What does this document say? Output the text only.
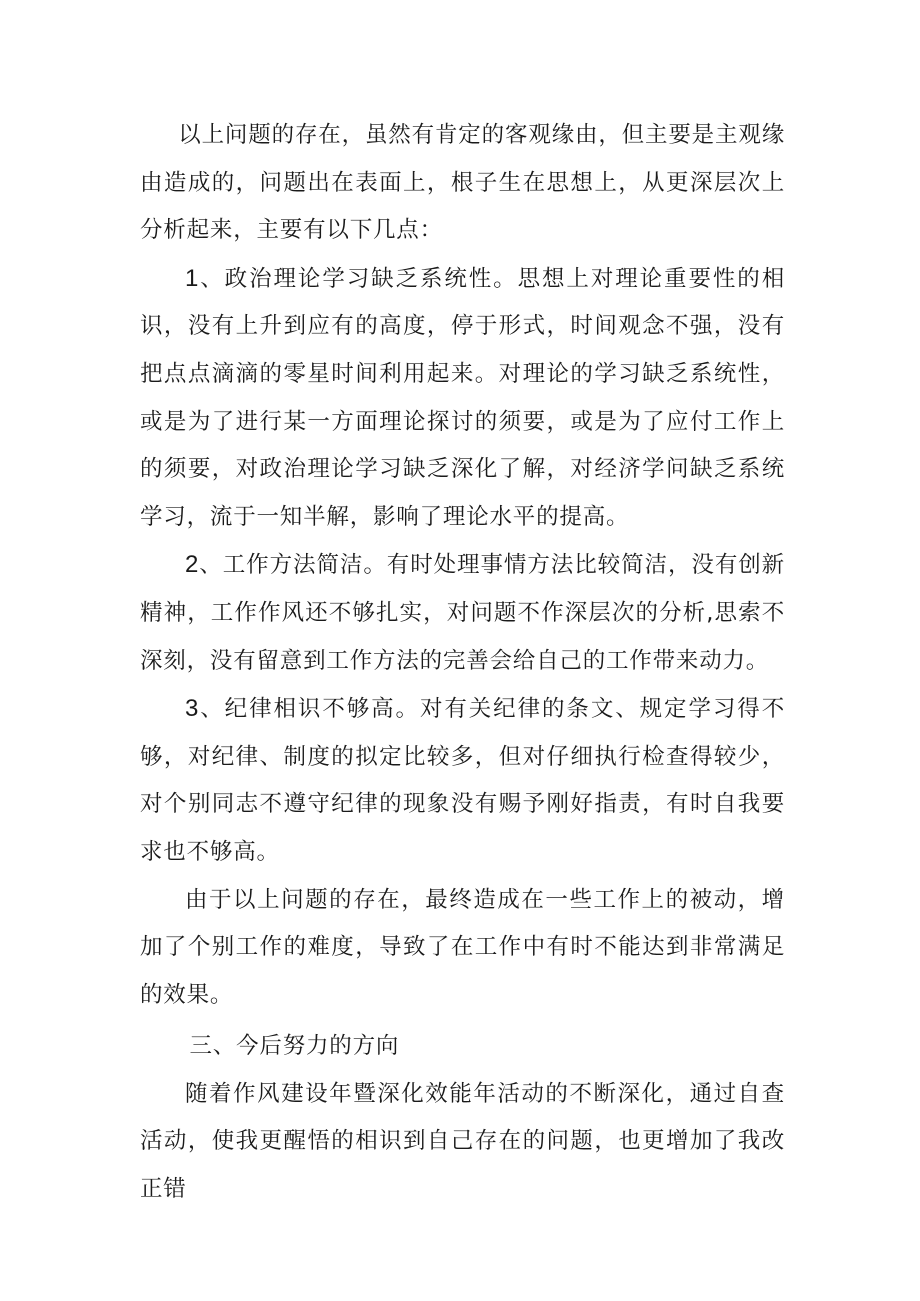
以上问题的存在，虽然有肯定的客观缘由，但主要是主观缘由造成的，问题出在表面上，根子生在思想上，从更深层次上分析起来，主要有以下几点：

1、政治理论学习缺乏系统性。思想上对理论重要性的相识，没有上升到应有的高度，停于形式，时间观念不强，没有把点点滴滴的零星时间利用起来。对理论的学习缺乏系统性，或是为了进行某一方面理论探讨的须要，或是为了应付工作上的须要，对政治理论学习缺乏深化了解，对经济学问缺乏系统学习，流于一知半解，影响了理论水平的提高。

2、工作方法简洁。有时处理事情方法比较简洁，没有创新精神，工作作风还不够扎实，对问题不作深层次的分析,思索不深刻，没有留意到工作方法的完善会给自己的工作带来动力。

3、纪律相识不够高。对有关纪律的条文、规定学习得不够，对纪律、制度的拟定比较多，但对仔细执行检查得较少，对个别同志不遵守纪律的现象没有赐予刚好指责，有时自我要求也不够高。

由于以上问题的存在，最终造成在一些工作上的被动，增加了个别工作的难度，导致了在工作中有时不能达到非常满足的效果。

三、今后努力的方向

随着作风建设年暨深化效能年活动的不断深化，通过自查活动，使我更醒悟的相识到自己存在的问题，也更增加了我改正错
